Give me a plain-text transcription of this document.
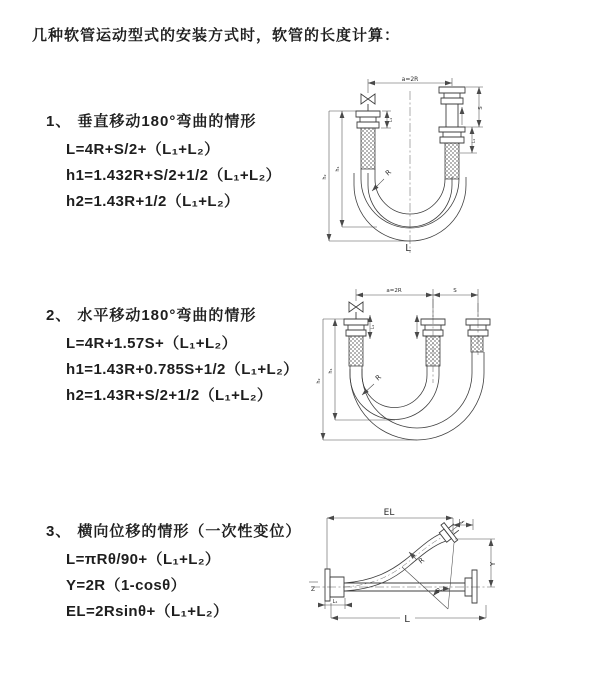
几种软管运动型式的安装方式时，软管的长度计算：
1、 垂直移动180°弯曲的情形
L=4R+S/2+（L₁+L₂）
h1=1.432R+S/2+1/2（L₁+L₂）
h2=1.43R+1/2（L₁+L₂）
a=2R
L₁
h₁
h₂
S
L₁
R
L
2、 水平移动180°弯曲的情形
L=4R+1.57S+（L₁+L₂）
h1=1.43R+0.785S+1/2（L₁+L₂）
h2=1.43R+S/2+1/2（L₁+L₂）
a=2R	S
L₁
h₁
h₂	R
3、 横向位移的情形（一次性变位）
L=πRθ/90+（L₁+L₂）
Y=2R（1-cosθ）
EL=2Rsinθ+（L₁+L₂）
Z
EL
L₁
Y
R
θ
L
L₁
